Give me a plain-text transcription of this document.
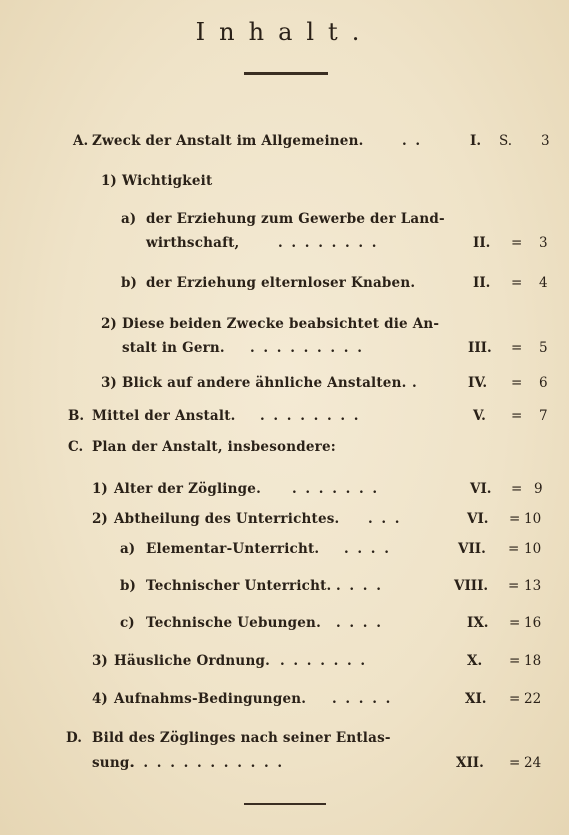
Inhalt.
A. Zweck der Anstalt im Allgemeinen.	. .	I. S. 3
1) Wichtigkeit
a) der Erziehung zum Gewerbe der Land-
wirthschaft,	. . . . . . . .	II. = 3
b) der Erziehung elternloser Knaben.	II. = 4
2) Diese beiden Zwecke beabsichtet die An-
stalt in Gern. . . . . . . . . .	III. = 5
3) Blick auf andere ähnliche Anstalten. .	IV. = 6
B. Mittel der Anstalt. . . . . . . . .	V. = 7
C. Plan der Anstalt, insbesondere:
1) Alter der Zöglinge. . . . . . . .	VI. = 9
2) Abtheilung des Unterrichtes. . . .	VI. = 10
a) Elementar-Unterricht. . . . .	VII. = 10
b) Technischer Unterricht. . . . .	VIII. = 13
c) Technische Uebungen. . . . .	IX. = 16
3) Häusliche Ordnung. . . . . . . .	X. = 18
4) Aufnahms-Bedingungen. . . . . .	XI. = 22
D. Bild des Zöglinges nach seiner Entlas-
sung.
. . . . . . . . . . . .	XII. = 24
